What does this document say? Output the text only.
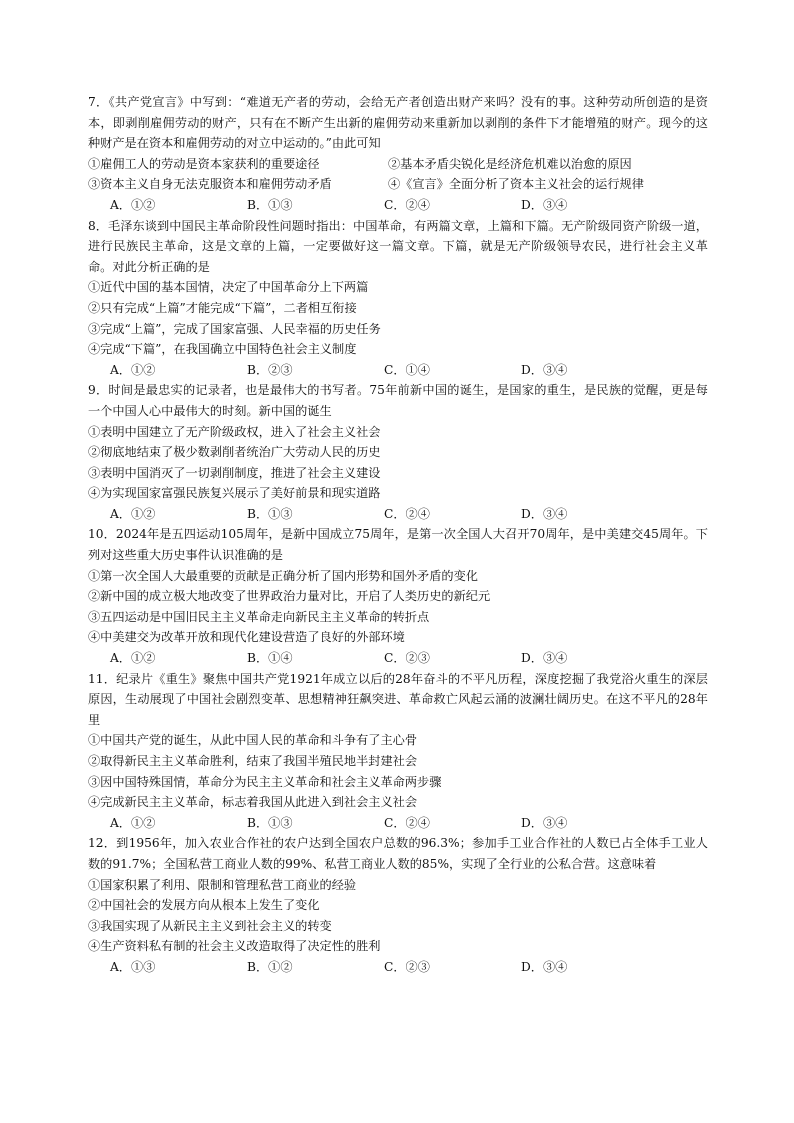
7．《共产党宣言》中写到：“难道无产者的劳动，会给无产者创造出财产来吗？没有的事。这种劳动所创造的是资本，即剥削雇佣劳动的财产，只有在不断产生出新的雇佣劳动来重新加以剥削的条件下才能增殖的财产。现今的这种财产是在资本和雇佣劳动的对立中运动的。”由此可知

①雇佣工人的劳动是资本家获利的重要途径	②基本矛盾尖锐化是经济危机难以治愈的原因
③资本主义自身无法克服资本和雇佣劳动矛盾	④《宣言》全面分析了资本主义社会的运行规律
A．①②	B．①③	C．②④	D．③④

8．毛泽东谈到中国民主革命阶段性问题时指出：中国革命，有两篇文章，上篇和下篇。无产阶级同资产阶级一道，进行民族民主革命，这是文章的上篇，一定要做好这一篇文章。下篇，就是无产阶级领导农民，进行社会主义革命。对此分析正确的是

①近代中国的基本国情，决定了中国革命分上下两篇

②只有完成“上篇”才能完成“下篇”，二者相互衔接

③完成“上篇”，完成了国家富强、人民幸福的历史任务

④完成“下篇”，在我国确立中国特色社会主义制度

A．①②	B．②③	C．①④	D．③④

9．时间是最忠实的记录者，也是最伟大的书写者。75年前新中国的诞生，是国家的重生，是民族的觉醒，更是每一个中国人心中最伟大的时刻。新中国的诞生

①表明中国建立了无产阶级政权，进入了社会主义社会

②彻底地结束了极少数剥削者统治广大劳动人民的历史

③表明中国消灭了一切剥削制度，推进了社会主义建设

④为实现国家富强民族复兴展示了美好前景和现实道路

A．①②	B．①③	C．②④	D．③④

10．2024年是五四运动105周年，是新中国成立75周年，是第一次全国人大召开70周年，是中美建交45周年。下列对这些重大历史事件认识准确的是

①第一次全国人大最重要的贡献是正确分析了国内形势和国外矛盾的变化

②新中国的成立极大地改变了世界政治力量对比，开启了人类历史的新纪元

③五四运动是中国旧民主主义革命走向新民主主义革命的转折点

④中美建交为改革开放和现代化建设营造了良好的外部环境

A．①②	B．①④	C．②③	D．③④

11．纪录片《重生》聚焦中国共产党1921年成立以后的28年奋斗的不平凡历程，深度挖掘了我党浴火重生的深层原因，生动展现了中国社会剧烈变革、思想精神狂飙突进、革命救亡风起云涌的波澜壮阔历史。在这不平凡的28年里

①中国共产党的诞生，从此中国人民的革命和斗争有了主心骨

②取得新民主主义革命胜利，结束了我国半殖民地半封建社会

③因中国特殊国情，革命分为民主主义革命和社会主义革命两步骤

④完成新民主主义革命，标志着我国从此进入到社会主义社会

A．①②	B．①③	C．②④	D．③④

12．到1956年，加入农业合作社的农户达到全国农户总数的96.3%；参加手工业合作社的人数已占全体手工业人数的91.7%；全国私营工商业人数的99%、私营工商业人数的85%，实现了全行业的公私合营。这意味着

①国家积累了利用、限制和管理私营工商业的经验

②中国社会的发展方向从根本上发生了变化

③我国实现了从新民主主义到社会主义的转变

④生产资料私有制的社会主义改造取得了决定性的胜利

A．①③	B．①②	C．②③	D．③④
